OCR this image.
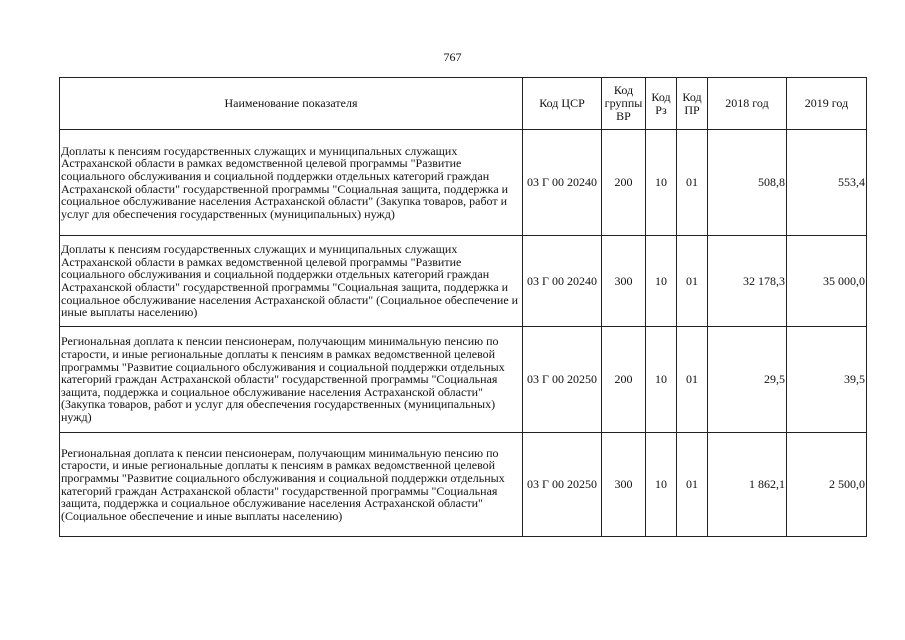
767
Наименование показателя	Код ЦСР	Код группы ВР	Код Рз	Код ПР	2018 год	2019 год
Доплаты к пенсиям государственных служащих и муниципальных служащих Астраханской области в рамках ведомственной целевой программы "Развитие социального обслуживания и социальной поддержки отдельных категорий граждан Астраханской области" государственной программы "Социальная защита, поддержка и социальное обслуживание населения Астраханской области" (Закупка товаров, работ и услуг для обеспечения государственных (муниципальных) нужд)	03 Г 00 20240	200	10	01	508,8	553,4
Доплаты к пенсиям государственных служащих и муниципальных служащих Астраханской области в рамках ведомственной целевой программы "Развитие социального обслуживания и социальной поддержки отдельных категорий граждан Астраханской области" государственной программы "Социальная защита, поддержка и социальное обслуживание населения Астраханской области" (Социальное обеспечение и иные выплаты населению)	03 Г 00 20240	300	10	01	32 178,3	35 000,0
Региональная доплата к пенсии пенсионерам, получающим минимальную пенсию по старости, и иные региональные доплаты к пенсиям в рамках ведомственной целевой программы "Развитие социального обслуживания и социальной поддержки отдельных категорий граждан Астраханской области" государственной программы "Социальная защита, поддержка и социальное обслуживание населения Астраханской области" (Закупка товаров, работ и услуг для обеспечения государственных (муниципальных) нужд)	03 Г 00 20250	200	10	01	29,5	39,5
Региональная доплата к пенсии пенсионерам, получающим минимальную пенсию по старости, и иные региональные доплаты к пенсиям в рамках ведомственной целевой программы "Развитие социального обслуживания и социальной поддержки отдельных категорий граждан Астраханской области" государственной программы "Социальная защита, поддержка и социальное обслуживание населения Астраханской области" (Социальное обеспечение и иные выплаты населению)	03 Г 00 20250	300	10	01	1 862,1	2 500,0
